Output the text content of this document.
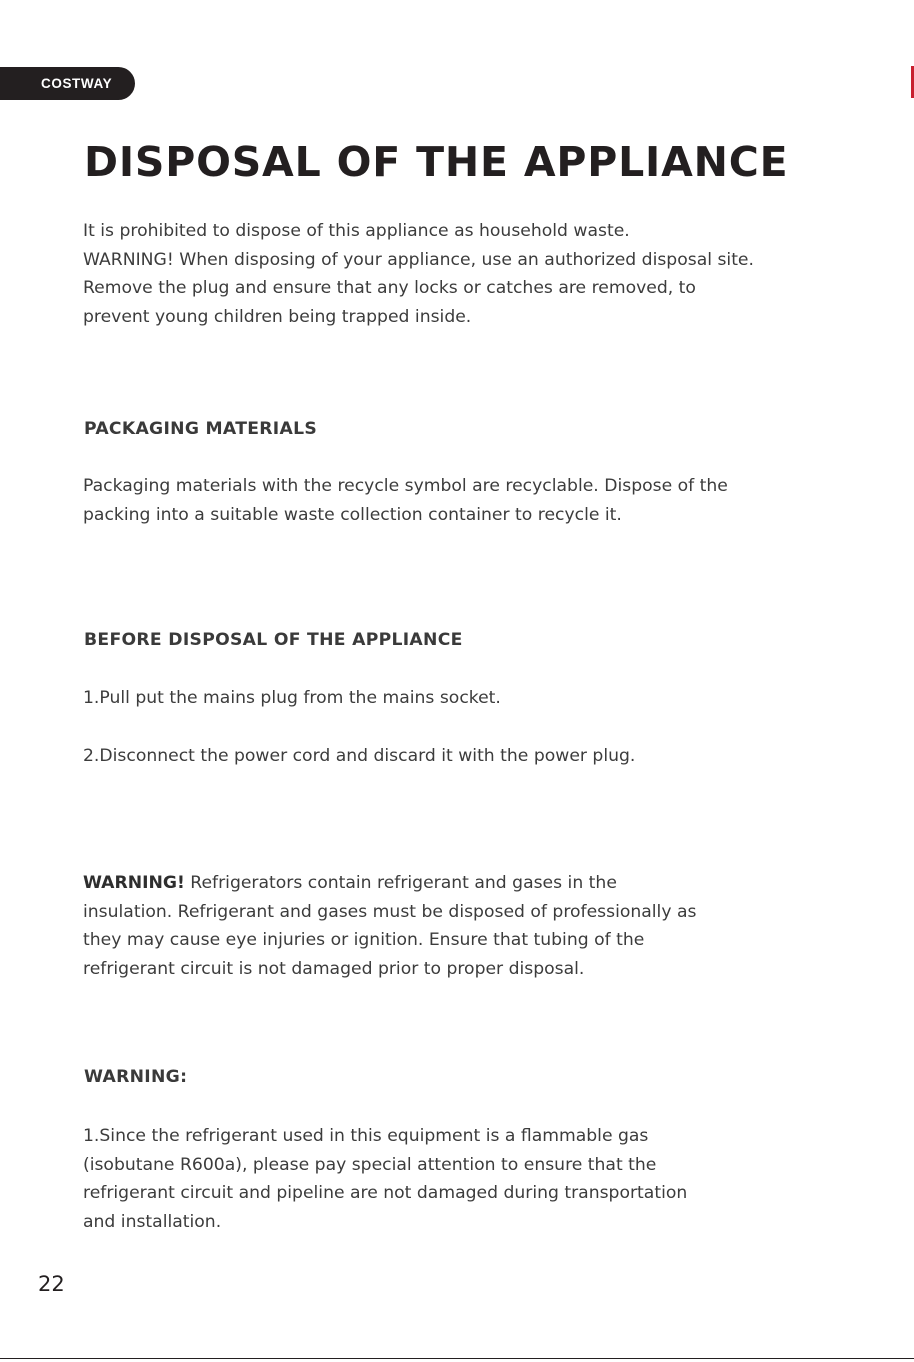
COSTWAY
DISPOSAL OF THE APPLIANCE
It is prohibited to dispose of this appliance as household waste.
WARNING! When disposing of your appliance, use an authorized disposal site.
Remove the plug and ensure that any locks or catches are removed, to
prevent young children being trapped inside.
PACKAGING MATERIALS
Packaging materials with the recycle symbol are recyclable. Dispose of the
packing into a suitable waste collection container to recycle it.
BEFORE DISPOSAL OF THE APPLIANCE
1.Pull put the mains plug from the mains socket.
2.Disconnect the power cord and discard it with the power plug.
WARNING! Refrigerators contain refrigerant and gases in the
insulation. Refrigerant and gases must be disposed of professionally as
they may cause eye injuries or ignition. Ensure that tubing of the
refrigerant circuit is not damaged prior to proper disposal.
WARNING:
1.Since the refrigerant used in this equipment is a flammable gas
(isobutane R600a), please pay special attention to ensure that the
refrigerant circuit and pipeline are not damaged during transportation
and installation.
22
